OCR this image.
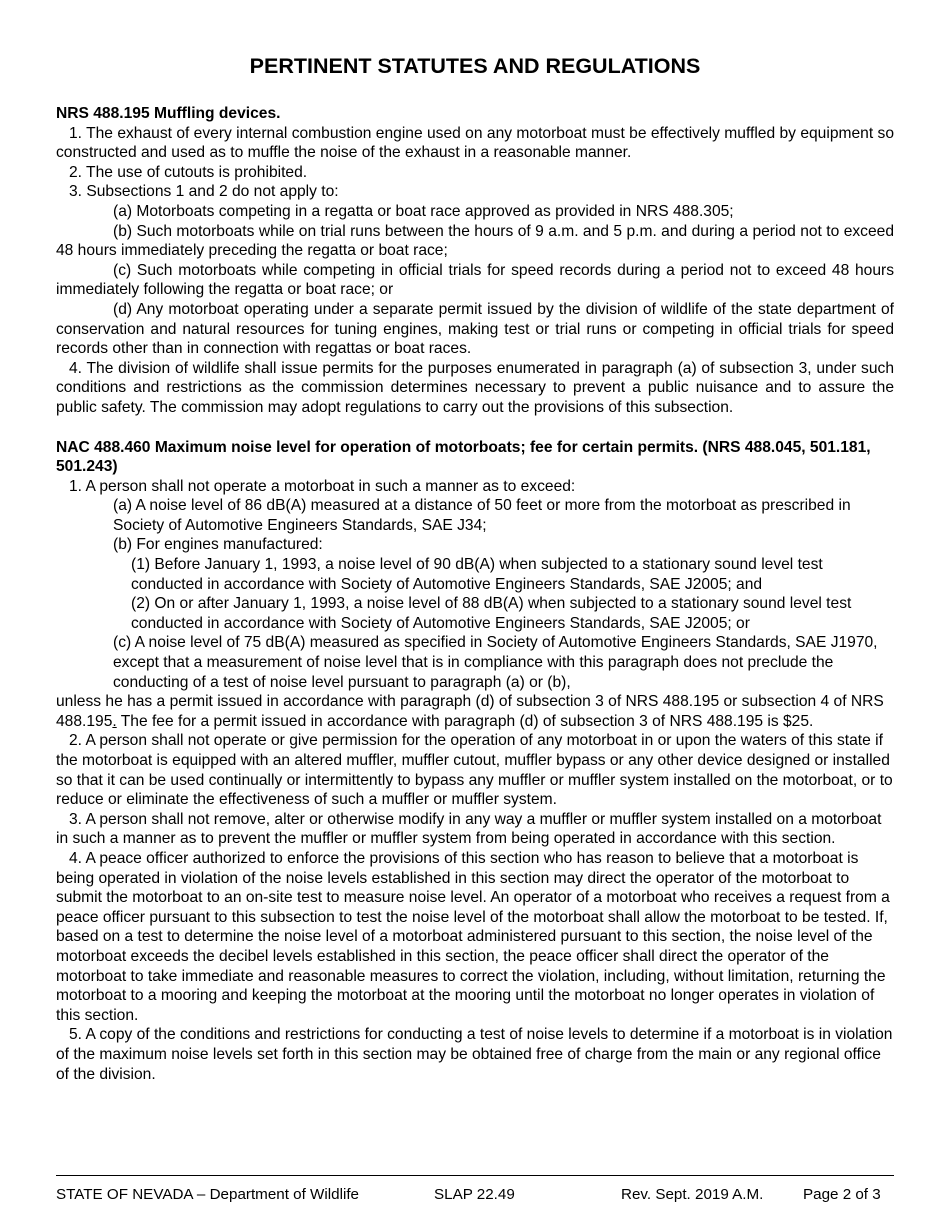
PERTINENT STATUTES AND REGULATIONS

NRS 488.195 Muffling devices.

1. The exhaust of every internal combustion engine used on any motorboat must be effectively muffled by equipment so constructed and used as to muffle the noise of the exhaust in a reasonable manner.

2. The use of cutouts is prohibited.

3. Subsections 1 and 2 do not apply to:

(a) Motorboats competing in a regatta or boat race approved as provided in NRS 488.305;

(b) Such motorboats while on trial runs between the hours of 9 a.m. and 5 p.m. and during a period not to exceed 48 hours immediately preceding the regatta or boat race;

(c) Such motorboats while competing in official trials for speed records during a period not to exceed 48 hours immediately following the regatta or boat race; or

(d) Any motorboat operating under a separate permit issued by the division of wildlife of the state department of conservation and natural resources for tuning engines, making test or trial runs or competing in official trials for speed records other than in connection with regattas or boat races.

4. The division of wildlife shall issue permits for the purposes enumerated in paragraph (a) of subsection 3, under such conditions and restrictions as the commission determines necessary to prevent a public nuisance and to assure the public safety. The commission may adopt regulations to carry out the provisions of this subsection.

NAC 488.460 Maximum noise level for operation of motorboats; fee for certain permits. (NRS 488.045, 501.181, 501.243)

1. A person shall not operate a motorboat in such a manner as to exceed:

(a) A noise level of 86 dB(A) measured at a distance of 50 feet or more from the motorboat as prescribed in Society of Automotive Engineers Standards, SAE J34;

(b) For engines manufactured:

(1) Before January 1, 1993, a noise level of 90 dB(A) when subjected to a stationary sound level test conducted in accordance with Society of Automotive Engineers Standards, SAE J2005; and

(2) On or after January 1, 1993, a noise level of 88 dB(A) when subjected to a stationary sound level test conducted in accordance with Society of Automotive Engineers Standards, SAE J2005; or

(c) A noise level of 75 dB(A) measured as specified in Society of Automotive Engineers Standards, SAE J1970, except that a measurement of noise level that is in compliance with this paragraph does not preclude the conducting of a test of noise level pursuant to paragraph (a) or (b),

unless he has a permit issued in accordance with paragraph (d) of subsection 3 of NRS 488.195 or subsection 4 of NRS 488.195. The fee for a permit issued in accordance with paragraph (d) of subsection 3 of NRS 488.195 is $25.

2. A person shall not operate or give permission for the operation of any motorboat in or upon the waters of this state if the motorboat is equipped with an altered muffler, muffler cutout, muffler bypass or any other device designed or installed so that it can be used continually or intermittently to bypass any muffler or muffler system installed on the motorboat, or to reduce or eliminate the effectiveness of such a muffler or muffler system.

3. A person shall not remove, alter or otherwise modify in any way a muffler or muffler system installed on a motorboat in such a manner as to prevent the muffler or muffler system from being operated in accordance with this section.

4. A peace officer authorized to enforce the provisions of this section who has reason to believe that a motorboat is being operated in violation of the noise levels established in this section may direct the operator of the motorboat to submit the motorboat to an on-site test to measure noise level. An operator of a motorboat who receives a request from a peace officer pursuant to this subsection to test the noise level of the motorboat shall allow the motorboat to be tested. If, based on a test to determine the noise level of a motorboat administered pursuant to this section, the noise level of the motorboat exceeds the decibel levels established in this section, the peace officer shall direct the operator of the motorboat to take immediate and reasonable measures to correct the violation, including, without limitation, returning the motorboat to a mooring and keeping the motorboat at the mooring until the motorboat no longer operates in violation of this section.

5. A copy of the conditions and restrictions for conducting a test of noise levels to determine if a motorboat is in violation of the maximum noise levels set forth in this section may be obtained free of charge from the main or any regional office of the division.

STATE OF NEVADA – Department of Wildlife	SLAP 22.49	Rev. Sept. 2019 A.M.	Page 2 of 3
